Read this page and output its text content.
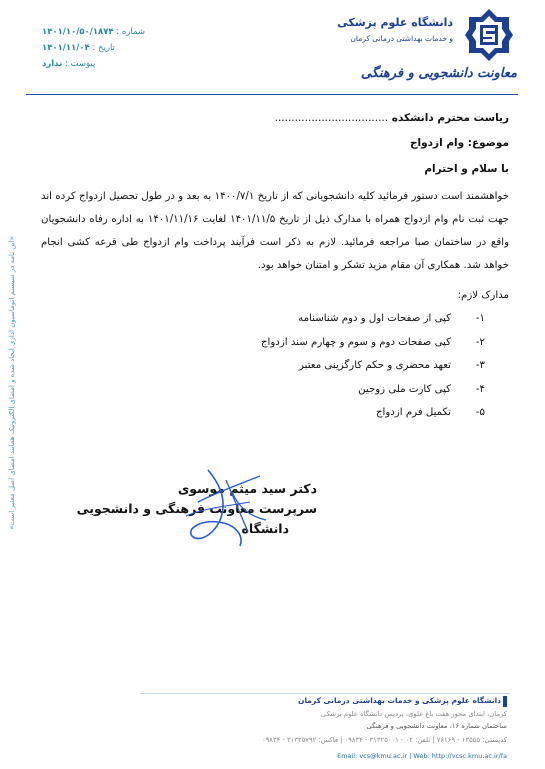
دانشگاه علوم پزشکی
و خدمات بهداشتی درمانی کرمان
معاونت دانشجویی و فرهنگی
شماره : ۱۴۰۱/۱۰/۵۰/۱۸۷۴
تاریخ : ۱۴۰۱/۱۱/۰۴
پیوست : ندارد
ریاست محترم دانشکده ..................................
موضوع: وام ازدواج
با سلام و احترام
خواهشمند است دستور فرمائید کلیه دانشجویانی که از تاریخ ۱۴۰۰/۷/۱ به بعد و در طول تحصیل ازدواج کرده اند جهت ثبت نام وام ازدواج همراه با مدارک ذیل از تاریخ ۱۴۰۱/۱۱/۵ لغایت ۱۴۰۱/۱۱/۱۶ به اداره رفاه دانشجویان واقع در ساختمان صبا مراجعه فرمائید. لازم به ذکر است فرآیند پرداخت وام ازدواج طی قرعه کشی انجام خواهد شد. همکاری آن مقام مزید تشکر و امتنان خواهد بود.
مدارک لازم:
۱-کپی از صفحات اول و دوم شناسنامه
۲-کپی صفحات دوم و سوم و چهارم سند ازدواج
۳-تعهد محضری و حکم کارگزینی معتبر
۴-کپی کارت ملی زوجین
۵-تکمیل فرم ازدواج
دکتر سید میثم موسوی
سرپرست معاونت فرهنگی و دانشجویی
دانشگاه
«این نامه در سیستم اتوماسیون اداری ایجاد شده و امضای الکترونیک همانند امضای اصل معتبر است»
دانشگاه علوم پزشکی و خدمات بهداشتی درمانی کرمان
کرمان، ابتدای محور هفت باغ علوی، پردیس دانشگاه علوم پزشکی
ساختمان شماره ۱۶، معاونت دانشجویی و فرهنگی
کدپستی: ۱۳۵۵۵ - ۷۶۱۶۹ | تلفن: ۰۲ - ۳۱۳۲۵۰۰۱ - ۰۹۸۳۴ | فاکس: ۳۱۳۲۵۷۹۲ - ۰۹۸۳۴
Email: vcs@kmu.ac.ir | Web: http://vcsc.kmu.ac.ir/fa
